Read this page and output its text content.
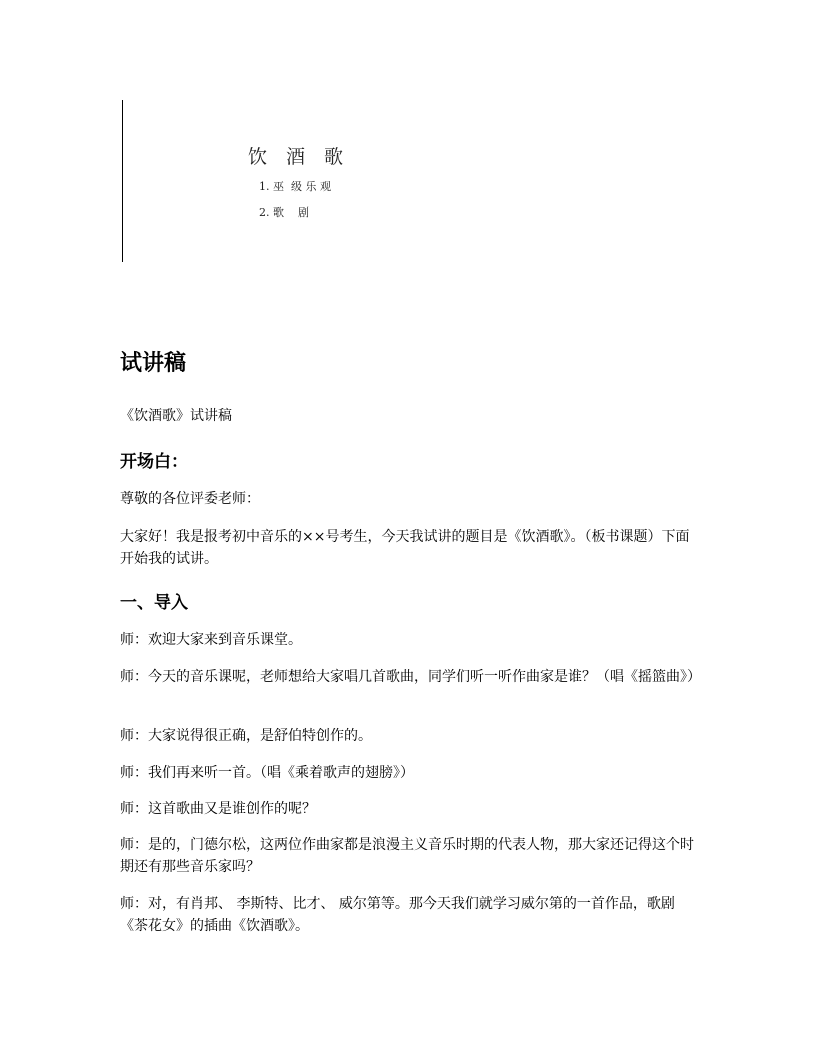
饮　酒　歌
1. 巫  级 乐 观
2. 歌    剧
试讲稿
《饮酒歌》试讲稿
开场白：
尊敬的各位评委老师：
大家好！我是报考初中音乐的××号考生，今天我试讲的题目是《饮酒歌》。（板书课题）下面开始我的试讲。
一、导入
师：欢迎大家来到音乐课堂。
师：今天的音乐课呢，老师想给大家唱几首歌曲，同学们听一听作曲家是谁？（唱《摇篮曲》）
师：大家说得很正确，是舒伯特创作的。
师：我们再来听一首。（唱《乘着歌声的翅膀》）
师：这首歌曲又是谁创作的呢？
师：是的，门德尔松，这两位作曲家都是浪漫主义音乐时期的代表人物，那大家还记得这个时期还有那些音乐家吗？
师：对，有肖邦、 李斯特、比才、 威尔第等。那今天我们就学习威尔第的一首作品，歌剧《茶花女》的插曲《饮酒歌》。
